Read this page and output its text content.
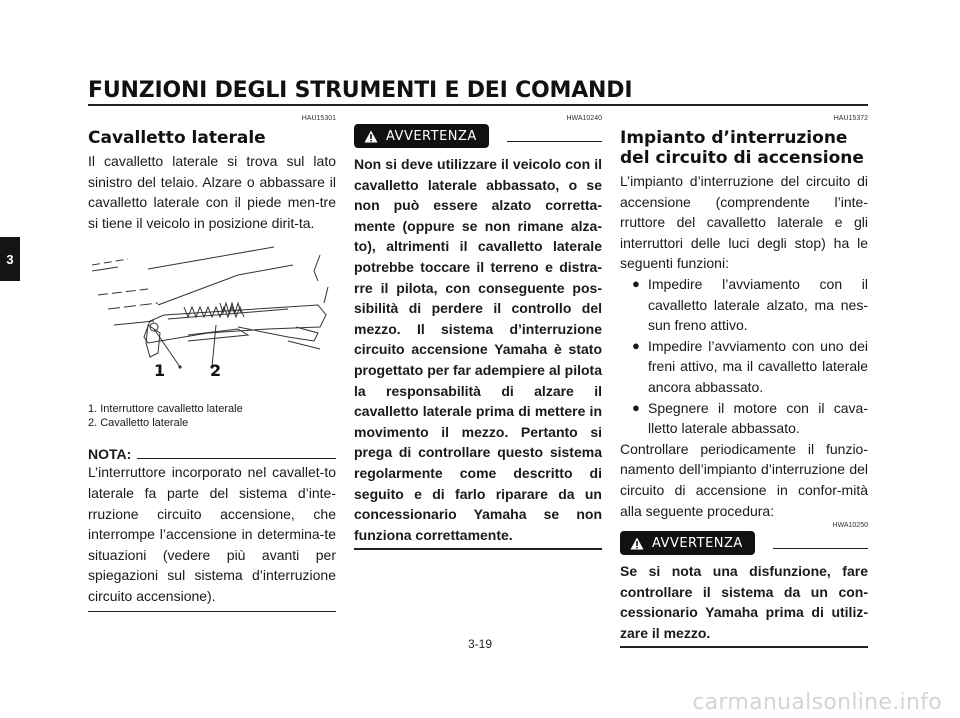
FUNZIONI DEGLI STRUMENTI E DEI COMANDI
3
HAU15301
Cavalletto laterale

Il cavalletto laterale si trova sul lato sinistro del telaio. Alzare o abbassare il cavalletto laterale con il piede men-tre si tiene il veicolo in posizione dirit-ta.

1	2
1. Interruttore cavalletto laterale
2. Cavalletto laterale
NOTA:

L’interruttore incorporato nel cavallet-to laterale fa parte del sistema d’inte-rruzione circuito accensione, che interrompe l’accensione in determina-te situazioni (vedere più avanti per spiegazioni sul sistema d’interruzione circuito accensione).

HWA10240
AVVERTENZA

Non si deve utilizzare il veicolo con il cavalletto laterale abbassato, o se non può essere alzato corretta-mente (oppure se non rimane alza-to), altrimenti il cavalletto laterale potrebbe toccare il terreno e distra-rre il pilota, con conseguente pos-sibilità di perdere il controllo del mezzo. Il sistema d’interruzione circuito accensione Yamaha è stato progettato per far adempiere al pilota la responsabilità di alzare il cavalletto laterale prima di mettere in movimento il mezzo. Pertanto si prega di controllare questo sistema regolarmente come descritto di seguito e di farlo riparare da un concessionario Yamaha se non funziona correttamente.

HAU15372
Impianto d’interruzione del circuito di accensione

L’impianto d’interruzione del circuito di accensione (comprendente l’inte-rruttore del cavalletto laterale e gli interruttori delle luci degli stop) ha le seguenti funzioni:

● Impedire l’avviamento con il cavalletto laterale alzato, ma nes-sun freno attivo.
● Impedire l’avviamento con uno dei freni attivo, ma il cavalletto laterale ancora abbassato.
● Spegnere il motore con il cava-lletto laterale abbassato.

Controllare periodicamente il funzio-namento dell’impianto d’interruzione del circuito di accensione in confor-mità alla seguente procedura:

HWA10250
AVVERTENZA

Se si nota una disfunzione, fare controllare il sistema da un con-cessionario Yamaha prima di utiliz-zare il mezzo.

3-19
carmanualsonline.info
